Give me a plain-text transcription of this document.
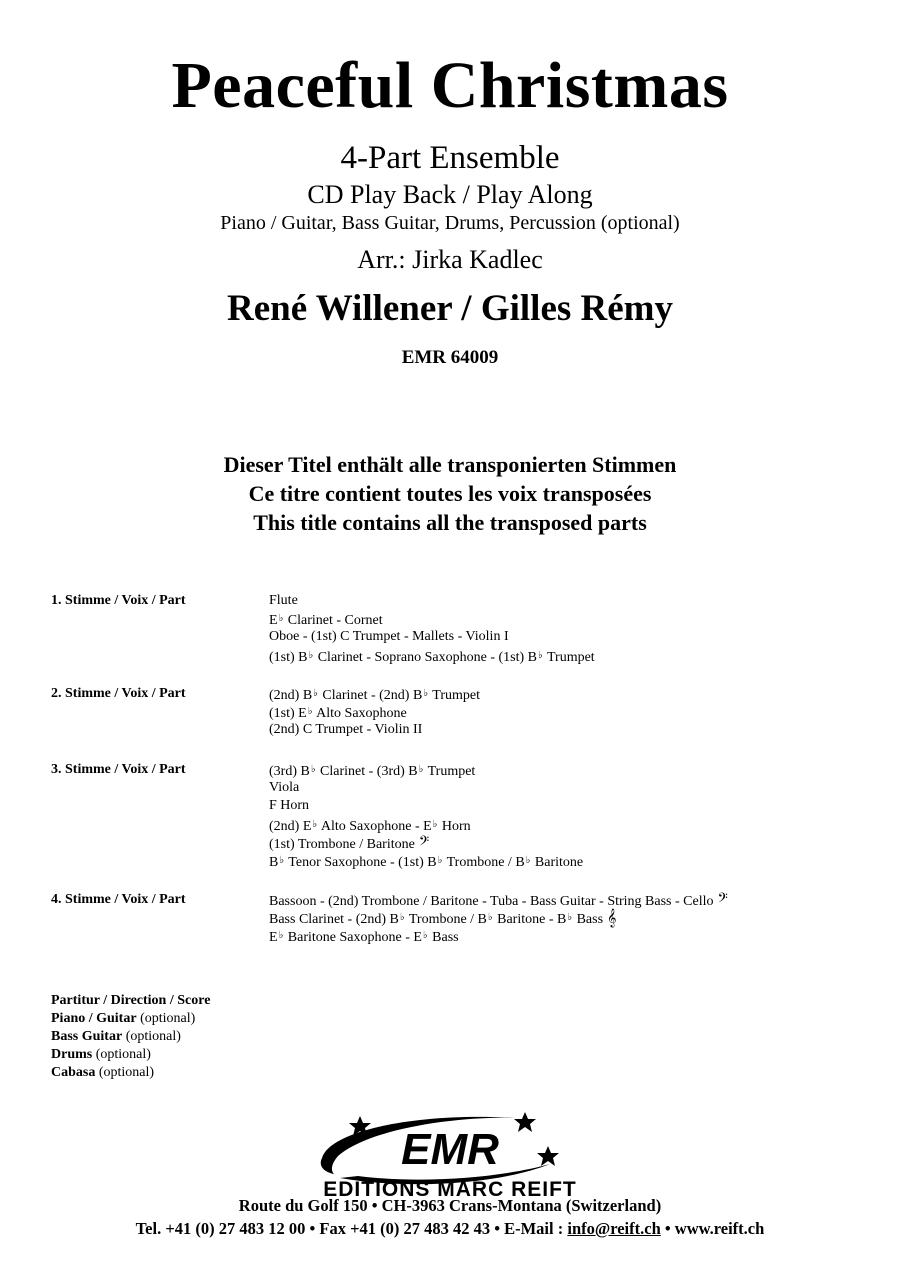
Peaceful Christmas
4-Part Ensemble
CD Play Back / Play Along
Piano / Guitar, Bass Guitar, Drums, Percussion (optional)
Arr.: Jirka Kadlec
René Willener / Gilles Rémy
EMR 64009
Dieser Titel enthält alle transponierten Stimmen
Ce titre contient toutes les voix transposées
This title contains all the transposed parts
1. Stimme / Voix / Part	Flute
E♭ Clarinet - Cornet
Oboe - (1st) C Trumpet - Mallets - Violin I
(1st) B♭ Clarinet - Soprano Saxophone - (1st) B♭ Trumpet
2. Stimme / Voix / Part	(2nd) B♭ Clarinet - (2nd) B♭ Trumpet
(1st) E♭ Alto Saxophone
(2nd) C Trumpet - Violin II
3. Stimme / Voix / Part	(3rd) B♭ Clarinet - (3rd) B♭ Trumpet
Viola
F Horn
(2nd) E♭ Alto Saxophone - E♭ Horn
(1st) Trombone / Baritone 𝄢
B♭ Tenor Saxophone - (1st) B♭ Trombone / B♭ Baritone
4. Stimme / Voix / Part	Bassoon - (2nd) Trombone / Baritone - Tuba - Bass Guitar - String Bass - Cello 𝄢
Bass Clarinet - (2nd) B♭ Trombone / B♭ Baritone - B♭ Bass 𝄞
E♭ Baritone Saxophone - E♭ Bass
Partitur / Direction / Score
Piano / Guitar (optional)
Bass Guitar (optional)
Drums (optional)
Cabasa (optional)
EMR
EDITIONS MARC REIFT
Route du Golf 150 • CH-3963 Crans-Montana (Switzerland)
Tel. +41 (0) 27 483 12 00 • Fax +41 (0) 27 483 42 43 • E-Mail : info@reift.ch • www.reift.ch
